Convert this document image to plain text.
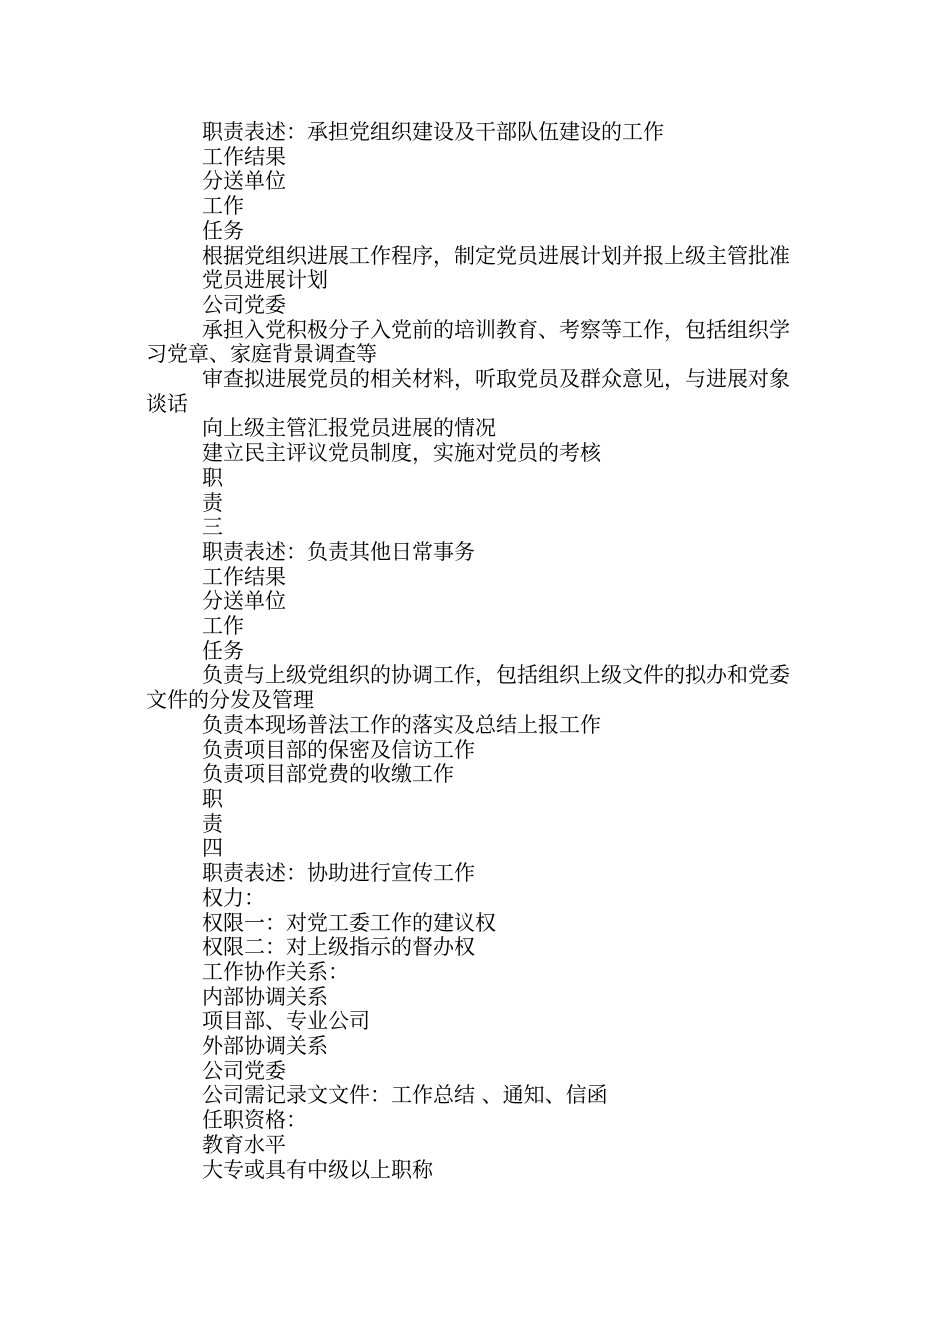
职责表述：承担党组织建设及干部队伍建设的工作

工作结果

分送单位

工作

任务

根据党组织进展工作程序，制定党员进展计划并报上级主管批准

党员进展计划

公司党委

承担入党积极分子入党前的培训教育、考察等工作，包括组织学习党章、家庭背景调查等

审查拟进展党员的相关材料，听取党员及群众意见，与进展对象谈话

向上级主管汇报党员进展的情况

建立民主评议党员制度，实施对党员的考核

职

责

三

职责表述：负责其他日常事务

工作结果

分送单位

工作

任务

负责与上级党组织的协调工作，包括组织上级文件的拟办和党委文件的分发及管理

负责本现场普法工作的落实及总结上报工作

负责项目部的保密及信访工作

负责项目部党费的收缴工作

职

责

四

职责表述：协助进行宣传工作

权力：

权限一：对党工委工作的建议权

权限二：对上级指示的督办权

工作协作关系：

内部协调关系

项目部、专业公司

外部协调关系

公司党委

公司需记录文文件：工作总结 、通知、信函

任职资格：

教育水平

大专或具有中级以上职称
